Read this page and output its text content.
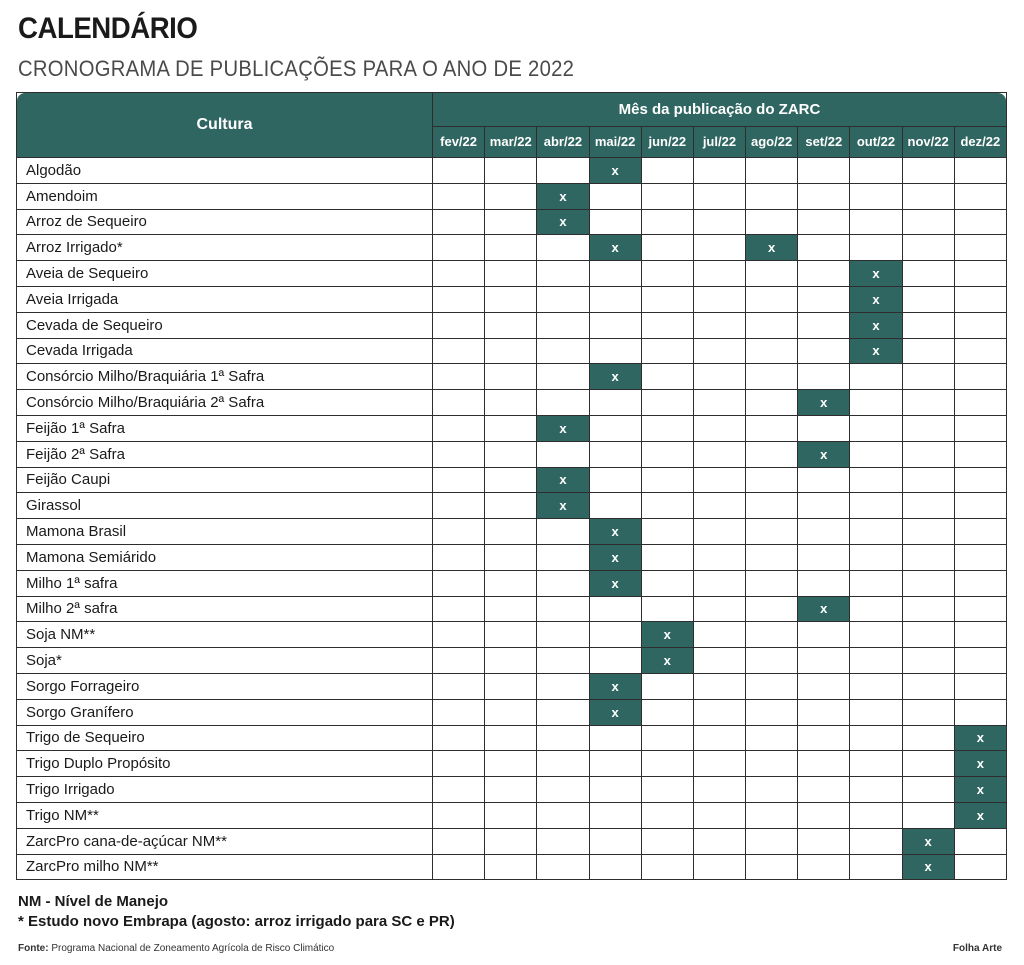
CALENDÁRIO
CRONOGRAMA DE PUBLICAÇÕES PARA O ANO DE 2022
Cultura	Mês da publicação do ZARC										
	fev/22	mar/22	abr/22	mai/22	jun/22	jul/22	ago/22	set/22	out/22	nov/22	dez/22
Algodão				x							
Amendoim			x								
Arroz de Sequeiro			x								
Arroz Irrigado*				x			x				
Aveia de Sequeiro									x		
Aveia Irrigada									x		
Cevada de Sequeiro									x		
Cevada Irrigada									x		
Consórcio Milho/Braquiária 1ª Safra				x							
Consórcio Milho/Braquiária 2ª Safra								x			
Feijão 1ª Safra			x								
Feijão 2ª Safra								x			
Feijão Caupi			x								
Girassol			x								
Mamona Brasil				x							
Mamona Semiárido				x							
Milho 1ª safra				x							
Milho 2ª safra								x			
Soja NM**					x						
Soja*					x						
Sorgo Forrageiro				x							
Sorgo Granífero				x							
Trigo de Sequeiro											x
Trigo Duplo Propósito											x
Trigo Irrigado											x
Trigo NM**											x
ZarcPro cana-de-açúcar NM**										x	
ZarcPro milho NM**										x	
NM - Nível de Manejo
* Estudo novo Embrapa (agosto: arroz irrigado para SC e PR)
Fonte: Programa Nacional de Zoneamento Agrícola de Risco Climático	Folha Arte
